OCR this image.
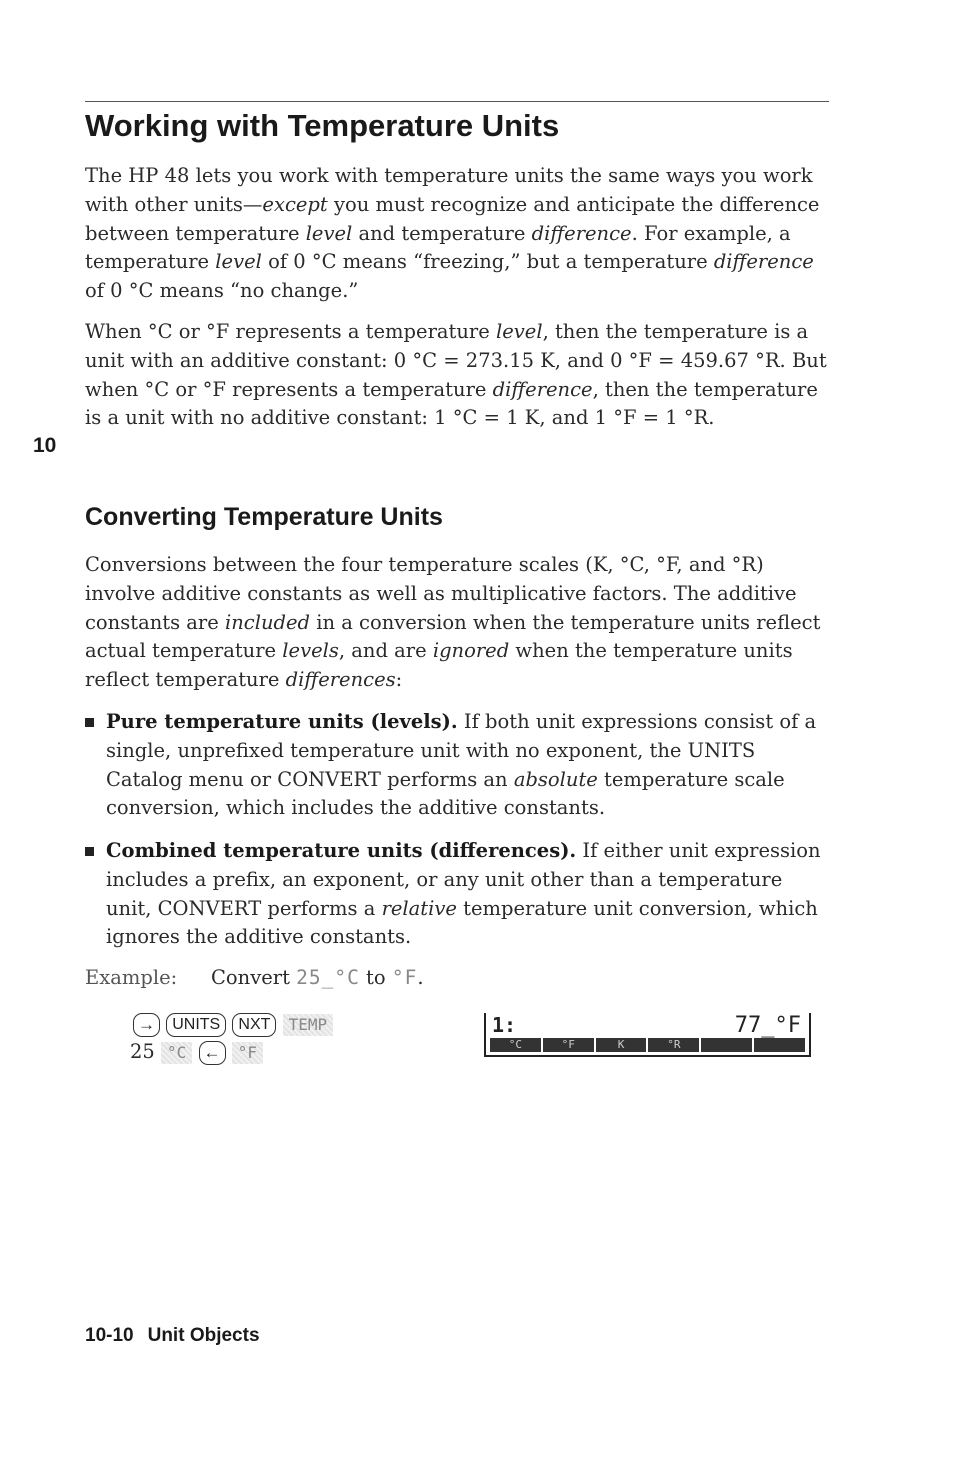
Working with Temperature Units
The HP 48 lets you work with temperature units the same ways you work with other units—except you must recognize and anticipate the difference between temperature level and temperature difference. For example, a temperature level of 0 °C means “freezing,” but a temperature difference of 0 °C means “no change.”
When °C or °F represents a temperature level, then the temperature is a unit with an additive constant: 0 °C = 273.15 K, and 0 °F = 459.67 °R. But when °C or °F represents a temperature difference, then the temperature is a unit with no additive constant: 1 °C = 1 K, and 1 °F = 1 °R.
10
Converting Temperature Units
Conversions between the four temperature scales (K, °C, °F, and °R) involve additive constants as well as multiplicative factors. The additive constants are included in a conversion when the temperature units reflect actual temperature levels, and are ignored when the temperature units reflect temperature differences:
Pure temperature units (levels). If both unit expressions consist of a single, unprefixed temperature unit with no exponent, the UNITS Catalog menu or CONVERT performs an absolute temperature scale conversion, which includes the additive constants.
Combined temperature units (differences). If either unit expression includes a prefix, an exponent, or any unit other than a temperature unit, CONVERT performs a relative temperature unit conversion, which ignores the additive constants.
Example: Convert 25_°C to °F.
→ UNITS NXT TEMP
25 °C ← °F
1:	77_°F
°C	°F	K	°R
10-10 Unit Objects
